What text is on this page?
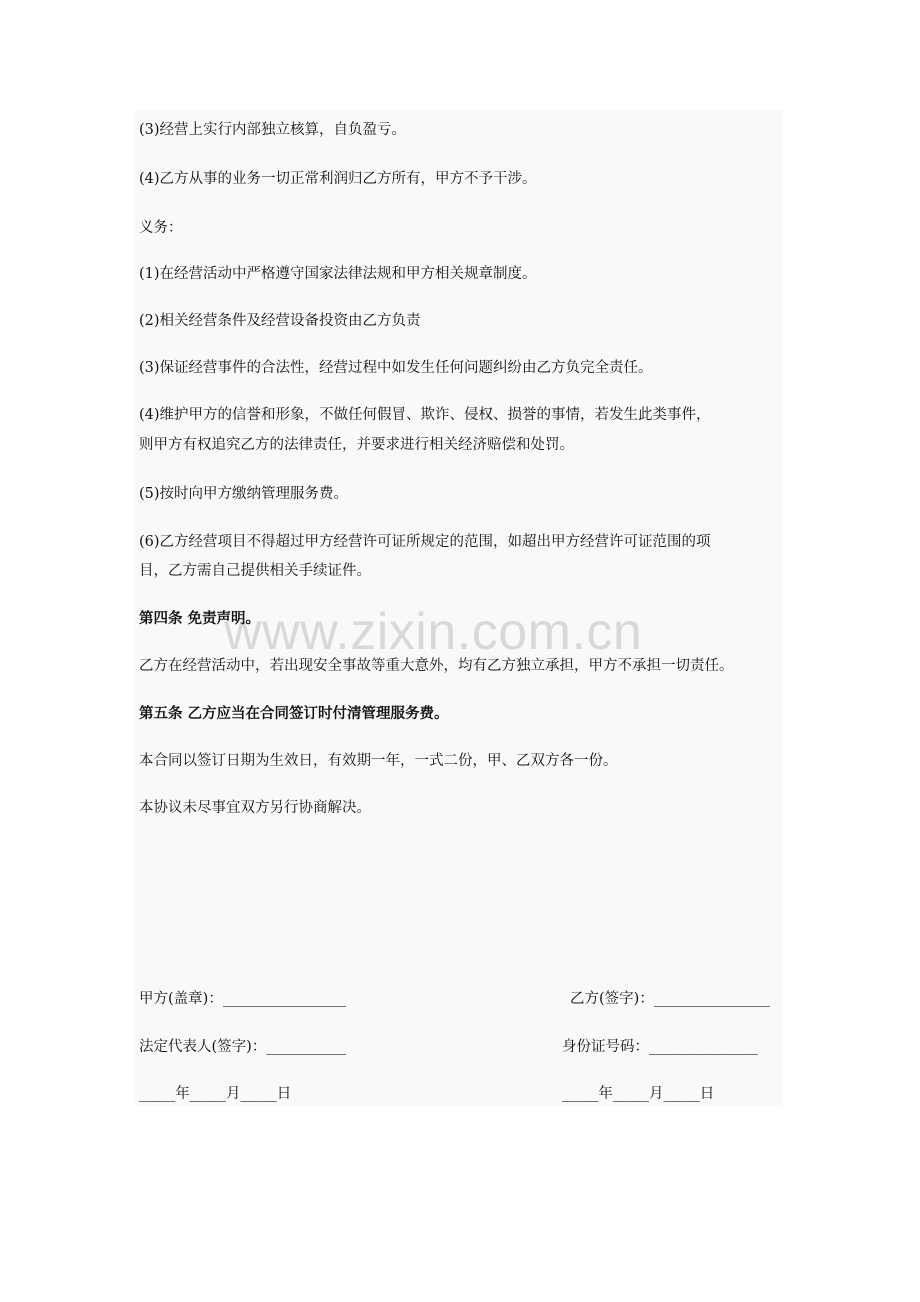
(3)经营上实行内部独立核算，自负盈亏。
(4)乙方从事的业务一切正常利润归乙方所有，甲方不予干涉。
义务：
(1)在经营活动中严格遵守国家法律法规和甲方相关规章制度。
(2)相关经营条件及经营设备投资由乙方负责
(3)保证经营事件的合法性，经营过程中如发生任何问题纠纷由乙方负完全责任。
(4)维护甲方的信誉和形象，不做任何假冒、欺诈、侵权、损誉的事情，若发生此类事件，
则甲方有权追究乙方的法律责任，并要求进行相关经济赔偿和处罚。
(5)按时向甲方缴纳管理服务费。
(6)乙方经营项目不得超过甲方经营许可证所规定的范围，如超出甲方经营许可证范围的项
目，乙方需自己提供相关手续证件。
第四条 免责声明。
www.zixin.com.cn
乙方在经营活动中，若出现安全事故等重大意外，均有乙方独立承担，甲方不承担一切责任。
第五条 乙方应当在合同签订时付清管理服务费。
本合同以签订日期为生效日，有效期一年，一式二份，甲、乙双方各一份。
本协议未尽事宜双方另行协商解决。
甲方(盖章)：_________________	乙方(签字)：________________
法定代表人(签字)：___________	身份证号码：_______________
_____年_____月_____日	_____年_____月_____日
